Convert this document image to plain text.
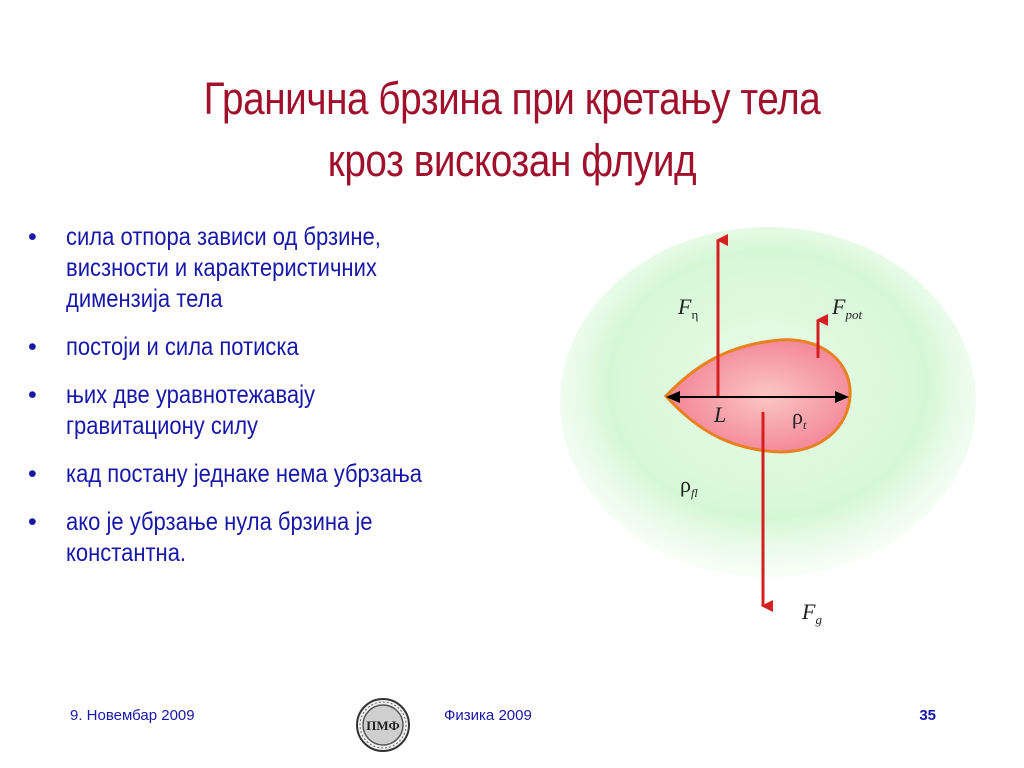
Гранична брзина при кретању тела
кроз вискозан флуид
• сила отпора зависи од брзине,
висзности и карактеристичних
димензија тела
• постоји и сила потиска
• њих две уравнотежавају
гравитациону силу
• кад постану једнаке нема убрзања
• ако је убрзање нула брзина је
константна.
$F_\eta$	$F_{pot}$
L	$\rho_t$
$\rho_{fl}$
$F_g$
9. Новембар 2009
ПМФ
Физика 2009	35
